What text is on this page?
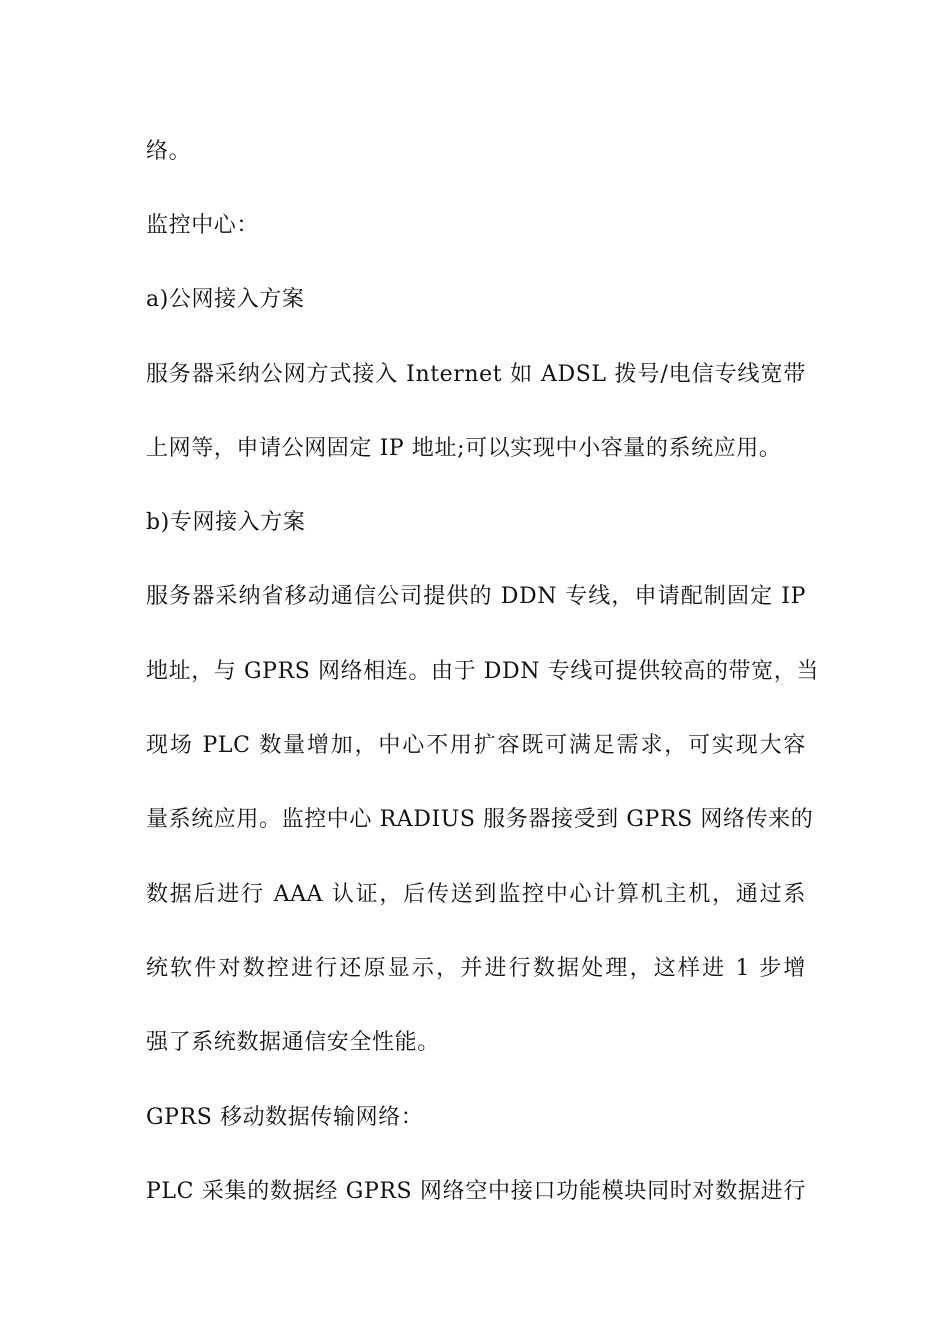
络。
监控中心：
a)公网接入方案
服务器采纳公网方式接入 Internet 如 ADSL 拨号/电信专线宽带
上网等，申请公网固定 IP 地址;可以实现中小容量的系统应用。
b)专网接入方案
服务器采纳省移动通信公司提供的 DDN 专线，申请配制固定 IP
地址，与 GPRS 网络相连。由于 DDN 专线可提供较高的带宽，当
现场 PLC 数量增加，中心不用扩容既可满足需求，可实现大容
量系统应用。监控中心 RADIUS 服务器接受到 GPRS 网络传来的
数据后进行 AAA 认证，后传送到监控中心计算机主机，通过系
统软件对数控进行还原显示，并进行数据处理，这样进 1 步增
强了系统数据通信安全性能。
GPRS 移动数据传输网络：
PLC 采集的数据经 GPRS 网络空中接口功能模块同时对数据进行
